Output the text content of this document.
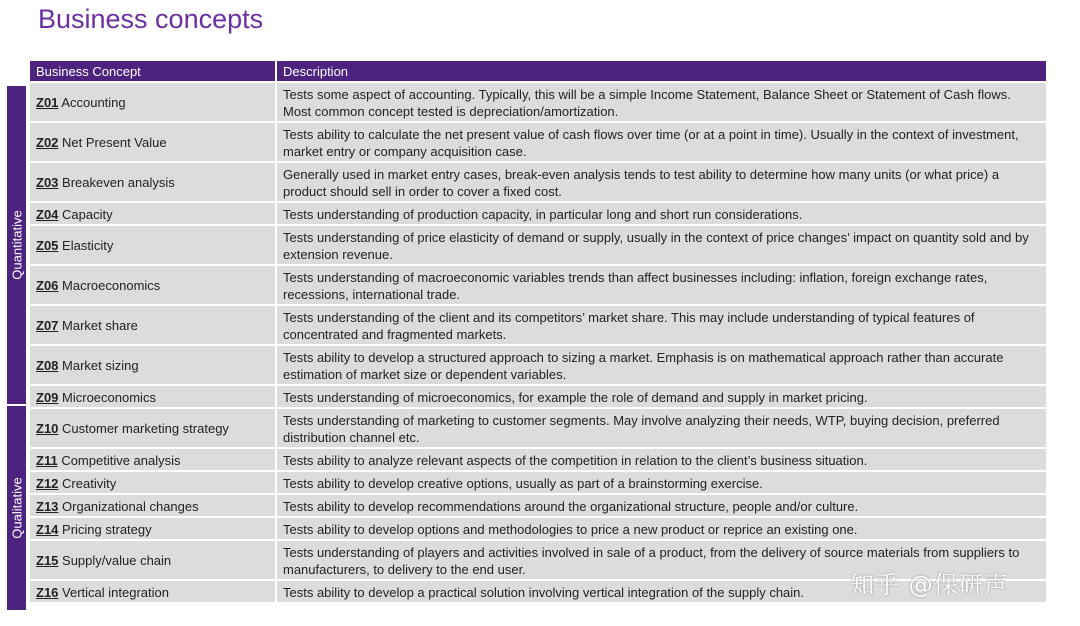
Business concepts
Quantitative
Qualitative
Business Concept	Description
Z01 Accounting	Tests some aspect of accounting. Typically, this will be a simple Income Statement, Balance Sheet or Statement of Cash flows. Most common concept tested is depreciation/amortization.
Z02 Net Present Value	Tests ability to calculate the net present value of cash flows over time (or at a point in time). Usually in the context of investment, market entry or company acquisition case.
Z03 Breakeven analysis	Generally used in market entry cases, break-even analysis tends to test ability to determine how many units (or what price) a product should sell in order to cover a fixed cost.
Z04 Capacity	Tests understanding of production capacity, in particular long and short run considerations.
Z05 Elasticity	Tests understanding of price elasticity of demand or supply, usually in the context of price changes’ impact on quantity sold and by extension revenue.
Z06 Macroeconomics	Tests understanding of macroeconomic variables trends than affect businesses including: inflation, foreign exchange rates, recessions, international trade.
Z07 Market share	Tests understanding of the client and its competitors’ market share. This may include understanding of typical features of concentrated and fragmented markets.
Z08 Market sizing	Tests ability to develop a structured approach to sizing a market. Emphasis is on mathematical approach rather than accurate estimation of market size or dependent variables.
Z09 Microeconomics	Tests understanding of microeconomics, for example the role of demand and supply in market pricing.
Z10 Customer marketing strategy	Tests understanding of marketing to customer segments. May involve analyzing their needs, WTP, buying decision, preferred distribution channel etc.
Z11 Competitive analysis	Tests ability to analyze relevant aspects of the competition in relation to the client’s business situation.
Z12 Creativity	Tests ability to develop creative options, usually as part of a brainstorming exercise.
Z13 Organizational changes	Tests ability to develop recommendations around the organizational structure, people and/or culture.
Z14 Pricing strategy	Tests ability to develop options and methodologies to price a new product or reprice an existing one.
Z15 Supply/value chain	Tests understanding of players and activities involved in sale of a product, from the delivery of source materials from suppliers to manufacturers, to delivery to the end user.
Z16 Vertical integration	Tests ability to develop a practical solution involving vertical integration of the supply chain. 知乎 @保研声
